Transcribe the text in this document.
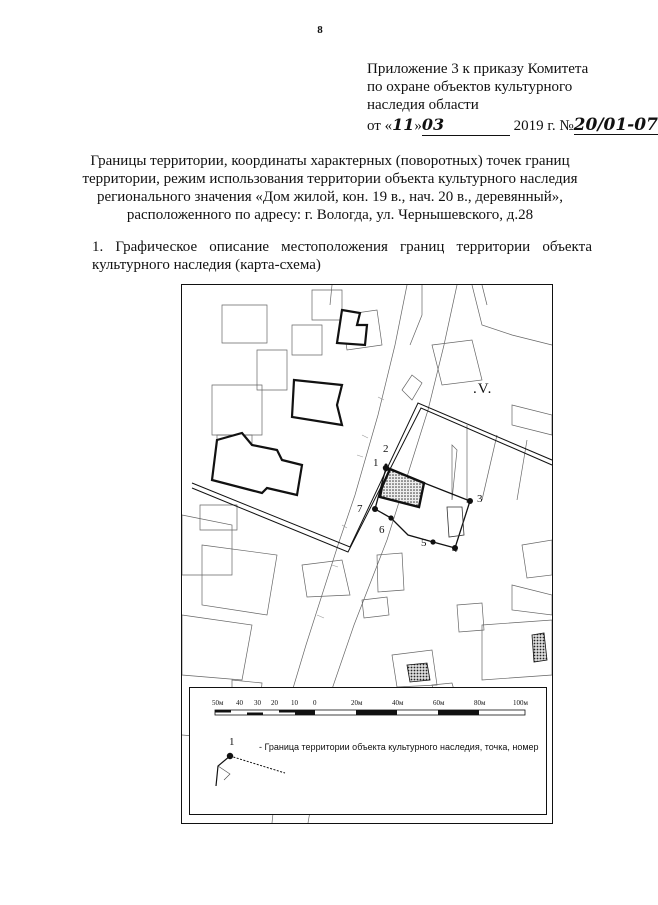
8
Приложение 3 к приказу Комитета
по охране объектов культурного
наследия области
от «11»03	2019 г. №20/01-07
Границы территории, координаты характерных (поворотных) точек границ
территории, режим использования территории объекта культурного наследия
регионального значения «Дом жилой, кон. 19 в., нач. 20 в., деревянный»,
расположенного по адресу: г. Вологда, ул. Чернышевского, д.28
1. Графическое описание местоположения границ территории объекта культурного наследия (карта-схема)
.V.
2
1
3
7
6
5 4
50м 40 30 20 10 0	20м	40м	60м	80м	100м
1	- Граница территории объекта культурного наследия, точка, номер
